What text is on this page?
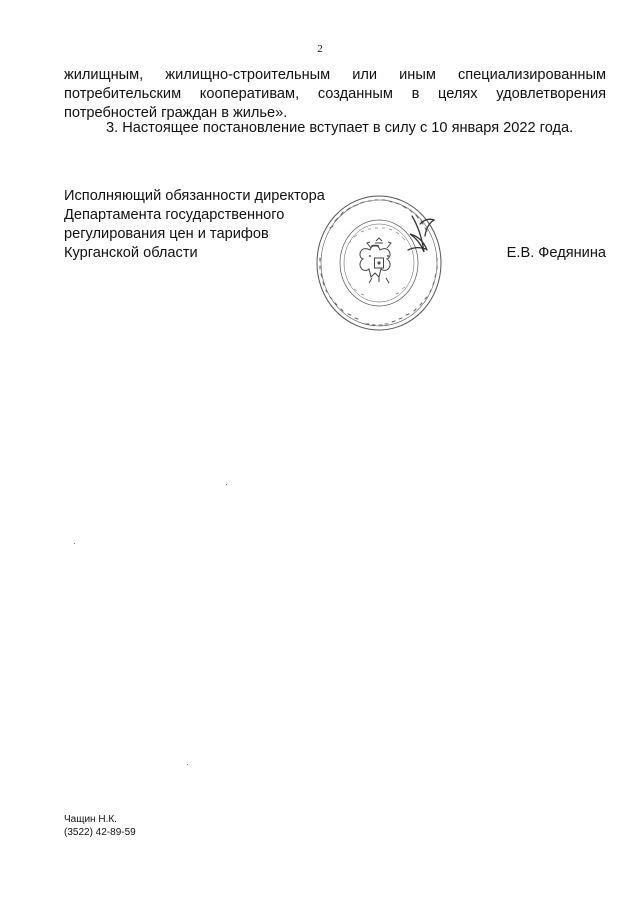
2
жилищным, жилищно-строительным или иным специализированным
потребительским кооперативам, созданным в целях удовлетворения
потребностей граждан в жилье».
3. Настоящее постановление вступает в силу с 10 января 2022 года.
Исполняющий обязанности директора
Департамента государственного
регулирования цен и тарифов
Курганской области	Е.В. Федянина
Чащин Н.К.
(3522) 42-89-59
